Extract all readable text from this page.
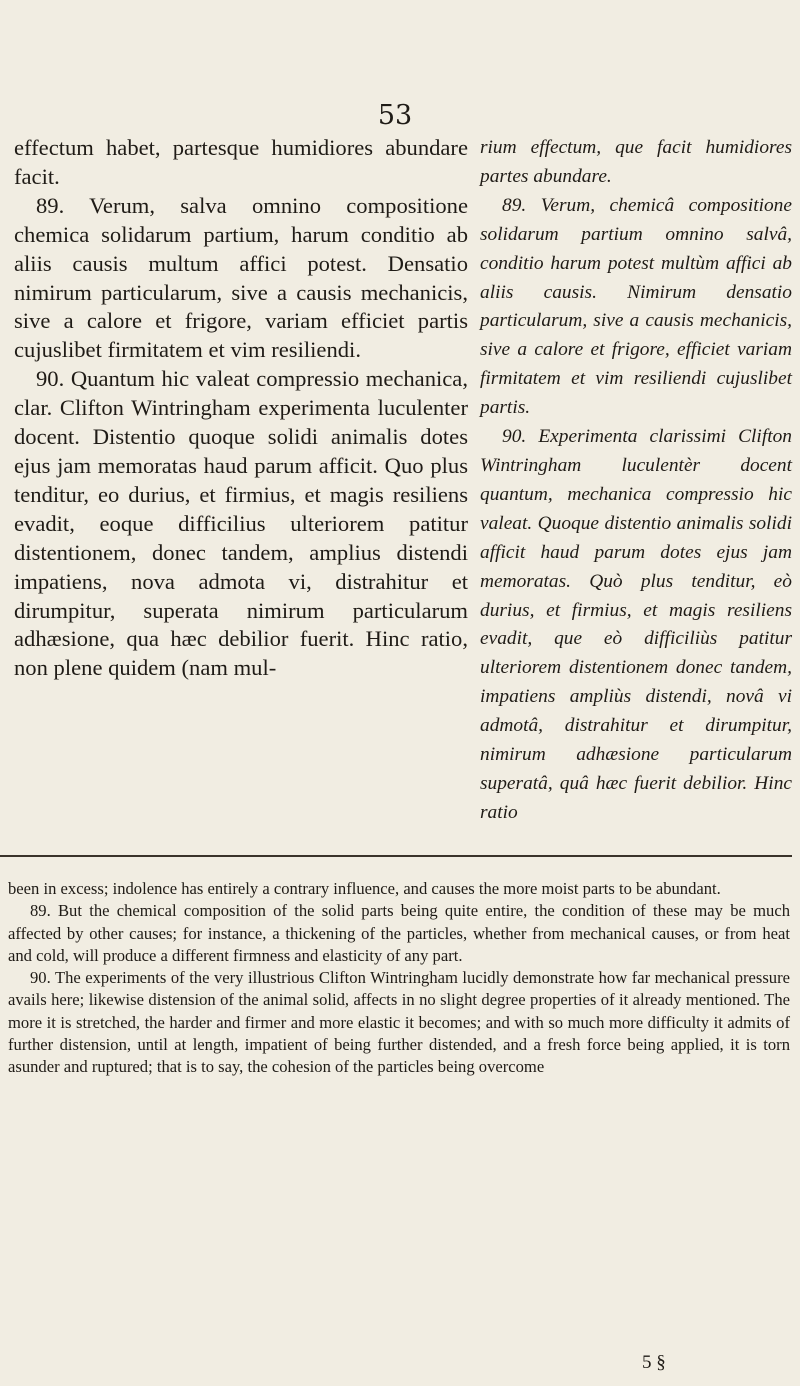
53

effectum habet, partesque humidiores abundare facit.

89. Verum, salva omnino compositione chemica solidarum partium, harum conditio ab aliis causis multum affici potest. Densatio nimirum particularum, sive a causis mechanicis, sive a calore et frigore, variam efficiet partis cujuslibet firmitatem et vim resiliendi.

90. Quantum hic valeat compressio mechanica, clar. Clifton Wintringham experimenta luculenter docent. Distentio quoque solidi animalis dotes ejus jam memoratas haud parum afficit. Quo plus tenditur, eo durius, et firmius, et magis resiliens evadit, eoque difficilius ulteriorem patitur distentionem, donec tandem, amplius distendi impatiens, nova admota vi, distrahitur et dirumpitur, superata nimirum particularum adhæsione, qua hæc debilior fuerit. Hinc ratio, non plene quidem (nam mul-

rium effectum, que facit humidiores partes abundare.

89. Verum, chemicâ compositione solidarum partium omnino salvâ, conditio harum potest multùm affici ab aliis causis. Nimirum densatio particularum, sive a causis mechanicis, sive a calore et frigore, efficiet variam firmitatem et vim resiliendi cujuslibet partis.

90. Experimenta clarissimi Clifton Wintringham luculentèr docent quantum, mechanica compressio hic valeat. Quoque distentio animalis solidi afficit haud parum dotes ejus jam memoratas. Quò plus tenditur, eò durius, et firmius, et magis resiliens evadit, que eò difficiliùs patitur ulteriorem distentionem donec tandem, impatiens ampliùs distendi, novâ vi admotâ, distrahitur et dirumpitur, nimirum adhæsione particularum superatâ, quâ hæc fuerit debilior. Hinc ratio

been in excess; indolence has entirely a contrary influence, and causes the more moist parts to be abundant.

89. But the chemical composition of the solid parts being quite entire, the condition of these may be much affected by other causes; for instance, a thickening of the particles, whether from mechanical causes, or from heat and cold, will produce a different firmness and elasticity of any part.

90. The experiments of the very illustrious Clifton Wintringham lucidly demonstrate how far mechanical pressure avails here; likewise distension of the animal solid, affects in no slight degree properties of it already mentioned. The more it is stretched, the harder and firmer and more elastic it becomes; and with so much more difficulty it admits of further distension, until at length, impatient of being further distended, and a fresh force being applied, it is torn asunder and ruptured; that is to say, the cohesion of the particles being overcome

5 §
